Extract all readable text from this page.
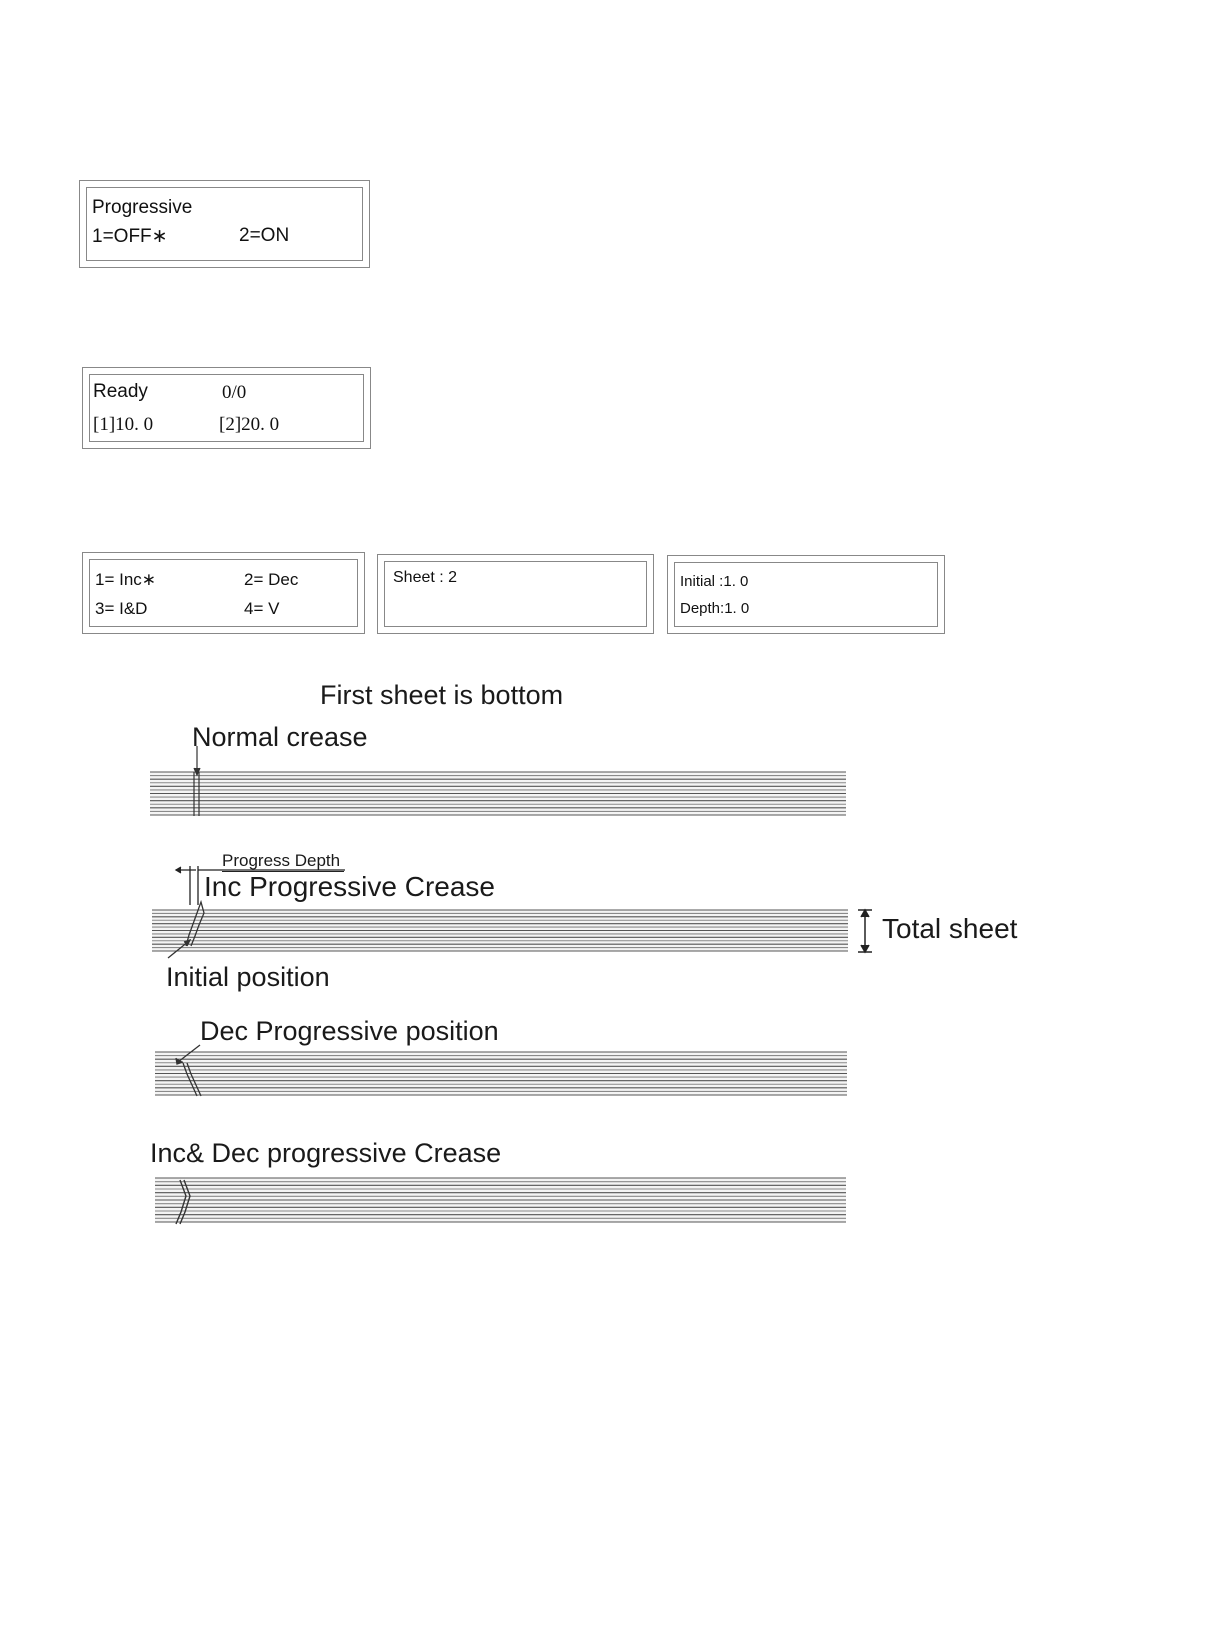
Progressive
1=OFF∗	2=ON
Ready	0/0
[1]10. 0	[2]20. 0
1= Inc∗	2= Dec
3= I&D	4= V
Sheet : 2	Initial :1. 0
Depth:1. 0
First sheet is bottom
Normal crease
Progress Depth
Inc Progressive Crease
Total sheet
Initial position
Dec Progressive position
Inc& Dec progressive Crease
